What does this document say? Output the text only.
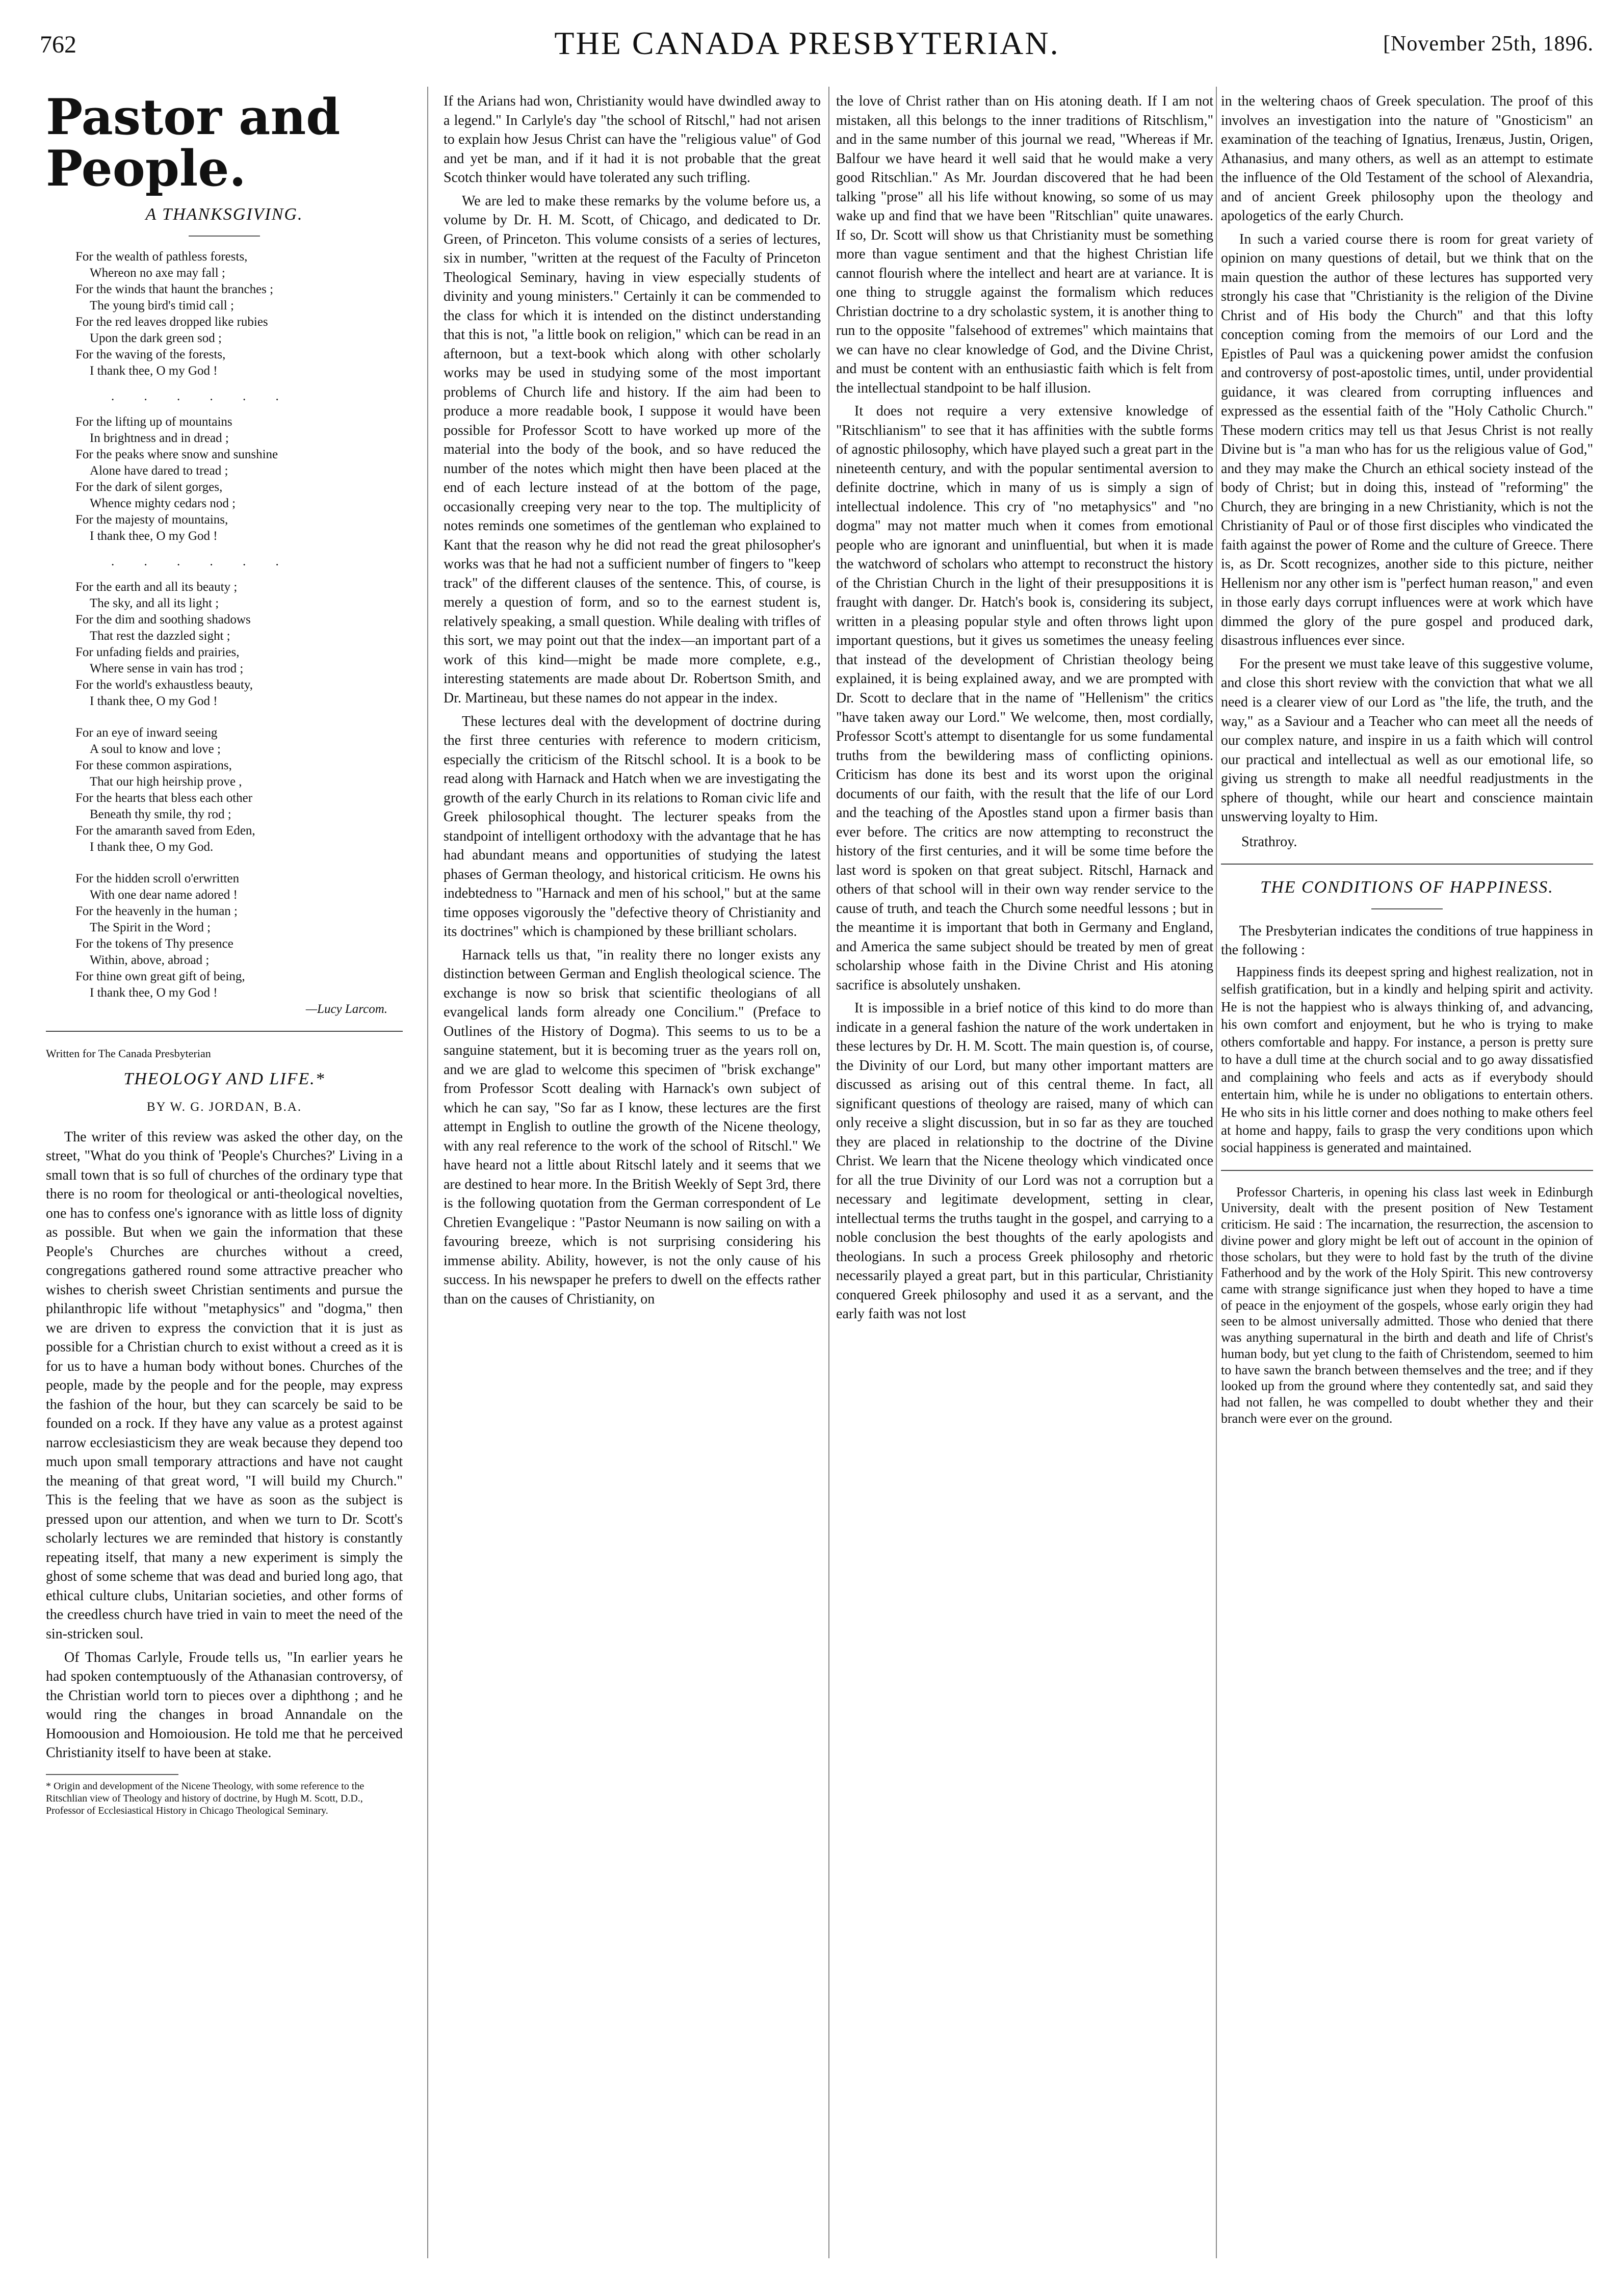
762	THE CANADA PRESBYTERIAN.	[November 25th, 1896.
Pastor and People.
A THANKSGIVING.

For the wealth of pathless forests,

Whereon no axe may fall ;

For the winds that haunt the branches ;

The young bird's timid call ;

For the red leaves dropped like rubies

Upon the dark green sod ;

For the waving of the forests,

I thank thee, O my God !

. . . . . .

For the lifting up of mountains

In brightness and in dread ;

For the peaks where snow and sunshine

Alone have dared to tread ;

For the dark of silent gorges,

Whence mighty cedars nod ;

For the majesty of mountains,

I thank thee, O my God !

. . . . . .

For the earth and all its beauty ;

The sky, and all its light ;

For the dim and soothing shadows

That rest the dazzled sight ;

For unfading fields and prairies,

Where sense in vain has trod ;

For the world's exhaustless beauty,

I thank thee, O my God !

For an eye of inward seeing

A soul to know and love ;

For these common aspirations,

That our high heirship prove ,

For the hearts that bless each other

Beneath thy smile, thy rod ;

For the amaranth saved from Eden,

I thank thee, O my God.

For the hidden scroll o'erwritten

With one dear name adored !

For the heavenly in the human ;

The Spirit in the Word ;

For the tokens of Thy presence

Within, above, abroad ;

For thine own great gift of being,

I thank thee, O my God !

—Lucy Larcom.

Written for The Canada Presbyterian
THEOLOGY AND LIFE.*
BY W. G. JORDAN, B.A.

The writer of this review was asked the other day, on the street, "What do you think of 'People's Churches?' Living in a small town that is so full of churches of the ordinary type that there is no room for theological or anti-theological novelties, one has to confess one's ignorance with as little loss of dignity as possible. But when we gain the information that these People's Churches are churches without a creed, congregations gathered round some attractive preacher who wishes to cherish sweet Christian sentiments and pursue the philanthropic life without "metaphysics" and "dogma," then we are driven to express the conviction that it is just as possible for a Christian church to exist without a creed as it is for us to have a human body without bones. Churches of the people, made by the people and for the people, may express the fashion of the hour, but they can scarcely be said to be founded on a rock. If they have any value as a protest against narrow ecclesiasticism they are weak because they depend too much upon small temporary attractions and have not caught the meaning of that great word, "I will build my Church." This is the feeling that we have as soon as the subject is pressed upon our attention, and when we turn to Dr. Scott's scholarly lectures we are reminded that history is constantly repeating itself, that many a new experiment is simply the ghost of some scheme that was dead and buried long ago, that ethical culture clubs, Unitarian societies, and other forms of the creedless church have tried in vain to meet the need of the sin-stricken soul.

Of Thomas Carlyle, Froude tells us, "In earlier years he had spoken contemptuously of the Athanasian controversy, of the Christian world torn to pieces over a diphthong ; and he would ring the changes in broad Annandale on the Homoousion and Homoiousion. He told me that he perceived Christianity itself to have been at stake.

* Origin and development of the Nicene Theology, with some reference to the Ritschlian view of Theology and history of doctrine, by Hugh M. Scott, D.D., Professor of Ecclesiastical History in Chicago Theological Seminary.

If the Arians had won, Christianity would have dwindled away to a legend." In Carlyle's day "the school of Ritschl," had not arisen to explain how Jesus Christ can have the "religious value" of God and yet be man, and if it had it is not probable that the great Scotch thinker would have tolerated any such trifling.

We are led to make these remarks by the volume before us, a volume by Dr. H. M. Scott, of Chicago, and dedicated to Dr. Green, of Princeton. This volume consists of a series of lectures, six in number, "written at the request of the Faculty of Princeton Theological Seminary, having in view especially students of divinity and young ministers." Certainly it can be commended to the class for which it is intended on the distinct understanding that this is not, "a little book on religion," which can be read in an afternoon, but a text-book which along with other scholarly works may be used in studying some of the most important problems of Church life and history. If the aim had been to produce a more readable book, I suppose it would have been possible for Professor Scott to have worked up more of the material into the body of the book, and so have reduced the number of the notes which might then have been placed at the end of each lecture instead of at the bottom of the page, occasionally creeping very near to the top. The multiplicity of notes reminds one sometimes of the gentleman who explained to Kant that the reason why he did not read the great philosopher's works was that he had not a sufficient number of fingers to "keep track" of the different clauses of the sentence. This, of course, is merely a question of form, and so to the earnest student is, relatively speaking, a small question. While dealing with trifles of this sort, we may point out that the index—an important part of a work of this kind—might be made more complete, e.g., interesting statements are made about Dr. Robertson Smith, and Dr. Martineau, but these names do not appear in the index.

These lectures deal with the development of doctrine during the first three centuries with reference to modern criticism, especially the criticism of the Ritschl school. It is a book to be read along with Harnack and Hatch when we are investigating the growth of the early Church in its relations to Roman civic life and Greek philosophical thought. The lecturer speaks from the standpoint of intelligent orthodoxy with the advantage that he has had abundant means and opportunities of studying the latest phases of German theology, and historical criticism. He owns his indebtedness to "Harnack and men of his school," but at the same time opposes vigorously the "defective theory of Christianity and its doctrines" which is championed by these brilliant scholars.

Harnack tells us that, "in reality there no longer exists any distinction between German and English theological science. The exchange is now so brisk that scientific theologians of all evangelical lands form already one Concilium." (Preface to Outlines of the History of Dogma). This seems to us to be a sanguine statement, but it is becoming truer as the years roll on, and we are glad to welcome this specimen of "brisk exchange" from Professor Scott dealing with Harnack's own subject of which he can say, "So far as I know, these lectures are the first attempt in English to outline the growth of the Nicene theology, with any real reference to the work of the school of Ritschl." We have heard not a little about Ritschl lately and it seems that we are destined to hear more. In the British Weekly of Sept 3rd, there is the following quotation from the German correspondent of Le Chretien Evangelique : "Pastor Neumann is now sailing on with a favouring breeze, which is not surprising considering his immense ability. Ability, however, is not the only cause of his success. In his newspaper he prefers to dwell on the effects rather than on the causes of Christianity, on

the love of Christ rather than on His atoning death. If I am not mistaken, all this belongs to the inner traditions of Ritschlism," and in the same number of this journal we read, "Whereas if Mr. Balfour we have heard it well said that he would make a very good Ritschlian." As Mr. Jourdan discovered that he had been talking "prose" all his life without knowing, so some of us may wake up and find that we have been "Ritschlian" quite unawares. If so, Dr. Scott will show us that Christianity must be something more than vague sentiment and that the highest Christian life cannot flourish where the intellect and heart are at variance. It is one thing to struggle against the formalism which reduces Christian doctrine to a dry scholastic system, it is another thing to run to the opposite "falsehood of extremes" which maintains that we can have no clear knowledge of God, and the Divine Christ, and must be content with an enthusiastic faith which is felt from the intellectual standpoint to be half illusion.

It does not require a very extensive knowledge of "Ritschlianism" to see that it has affinities with the subtle forms of agnostic philosophy, which have played such a great part in the nineteenth century, and with the popular sentimental aversion to definite doctrine, which in many of us is simply a sign of intellectual indolence. This cry of "no metaphysics" and "no dogma" may not matter much when it comes from emotional people who are ignorant and uninfluential, but when it is made the watchword of scholars who attempt to reconstruct the history of the Christian Church in the light of their presuppositions it is fraught with danger. Dr. Hatch's book is, considering its subject, written in a pleasing popular style and often throws light upon important questions, but it gives us sometimes the uneasy feeling that instead of the development of Christian theology being explained, it is being explained away, and we are prompted with Dr. Scott to declare that in the name of "Hellenism" the critics "have taken away our Lord." We welcome, then, most cordially, Professor Scott's attempt to disentangle for us some fundamental truths from the bewildering mass of conflicting opinions. Criticism has done its best and its worst upon the original documents of our faith, with the result that the life of our Lord and the teaching of the Apostles stand upon a firmer basis than ever before. The critics are now attempting to reconstruct the history of the first centuries, and it will be some time before the last word is spoken on that great subject. Ritschl, Harnack and others of that school will in their own way render service to the cause of truth, and teach the Church some needful lessons ; but in the meantime it is important that both in Germany and England, and America the same subject should be treated by men of great scholarship whose faith in the Divine Christ and His atoning sacrifice is absolutely unshaken.

It is impossible in a brief notice of this kind to do more than indicate in a general fashion the nature of the work undertaken in these lectures by Dr. H. M. Scott. The main question is, of course, the Divinity of our Lord, but many other important matters are discussed as arising out of this central theme. In fact, all significant questions of theology are raised, many of which can only receive a slight discussion, but in so far as they are touched they are placed in relationship to the doctrine of the Divine Christ. We learn that the Nicene theology which vindicated once for all the true Divinity of our Lord was not a corruption but a necessary and legitimate development, setting in clear, intellectual terms the truths taught in the gospel, and carrying to a noble conclusion the best thoughts of the early apologists and theologians. In such a process Greek philosophy and rhetoric necessarily played a great part, but in this particular, Christianity conquered Greek philosophy and used it as a servant, and the early faith was not lost

in the weltering chaos of Greek speculation. The proof of this involves an investigation into the nature of "Gnosticism" an examination of the teaching of Ignatius, Irenæus, Justin, Origen, Athanasius, and many others, as well as an attempt to estimate the influence of the Old Testament of the school of Alexandria, and of ancient Greek philosophy upon the theology and apologetics of the early Church.

In such a varied course there is room for great variety of opinion on many questions of detail, but we think that on the main question the author of these lectures has supported very strongly his case that "Christianity is the religion of the Divine Christ and of His body the Church" and that this lofty conception coming from the memoirs of our Lord and the Epistles of Paul was a quickening power amidst the confusion and controversy of post-apostolic times, until, under providential guidance, it was cleared from corrupting influences and expressed as the essential faith of the "Holy Catholic Church." These modern critics may tell us that Jesus Christ is not really Divine but is "a man who has for us the religious value of God," and they may make the Church an ethical society instead of the body of Christ; but in doing this, instead of "reforming" the Church, they are bringing in a new Christianity, which is not the Christianity of Paul or of those first disciples who vindicated the faith against the power of Rome and the culture of Greece. There is, as Dr. Scott recognizes, another side to this picture, neither Hellenism nor any other ism is "perfect human reason," and even in those early days corrupt influences were at work which have dimmed the glory of the pure gospel and produced dark, disastrous influences ever since.

For the present we must take leave of this suggestive volume, and close this short review with the conviction that what we all need is a clearer view of our Lord as "the life, the truth, and the way," as a Saviour and a Teacher who can meet all the needs of our complex nature, and inspire in us a faith which will control our practical and intellectual as well as our emotional life, so giving us strength to make all needful readjustments in the sphere of thought, while our heart and conscience maintain unswerving loyalty to Him.

Strathroy.
THE CONDITIONS OF HAPPINESS.

The Presbyterian indicates the conditions of true happiness in the following :

Happiness finds its deepest spring and highest realization, not in selfish gratification, but in a kindly and helping spirit and activity. He is not the happiest who is always thinking of, and advancing, his own comfort and enjoyment, but he who is trying to make others comfortable and happy. For instance, a person is pretty sure to have a dull time at the church social and to go away dissatisfied and complaining who feels and acts as if everybody should entertain him, while he is under no obligations to entertain others. He who sits in his little corner and does nothing to make others feel at home and happy, fails to grasp the very conditions upon which social happiness is generated and maintained.

Professor Charteris, in opening his class last week in Edinburgh University, dealt with the present position of New Testament criticism. He said : The incarnation, the resurrection, the ascension to divine power and glory might be left out of account in the opinion of those scholars, but they were to hold fast by the truth of the divine Fatherhood and by the work of the Holy Spirit. This new controversy came with strange significance just when they hoped to have a time of peace in the enjoyment of the gospels, whose early origin they had seen to be almost universally admitted. Those who denied that there was anything supernatural in the birth and death and life of Christ's human body, but yet clung to the faith of Christendom, seemed to him to have sawn the branch between themselves and the tree; and if they looked up from the ground where they contentedly sat, and said they had not fallen, he was compelled to doubt whether they and their branch were ever on the ground.
